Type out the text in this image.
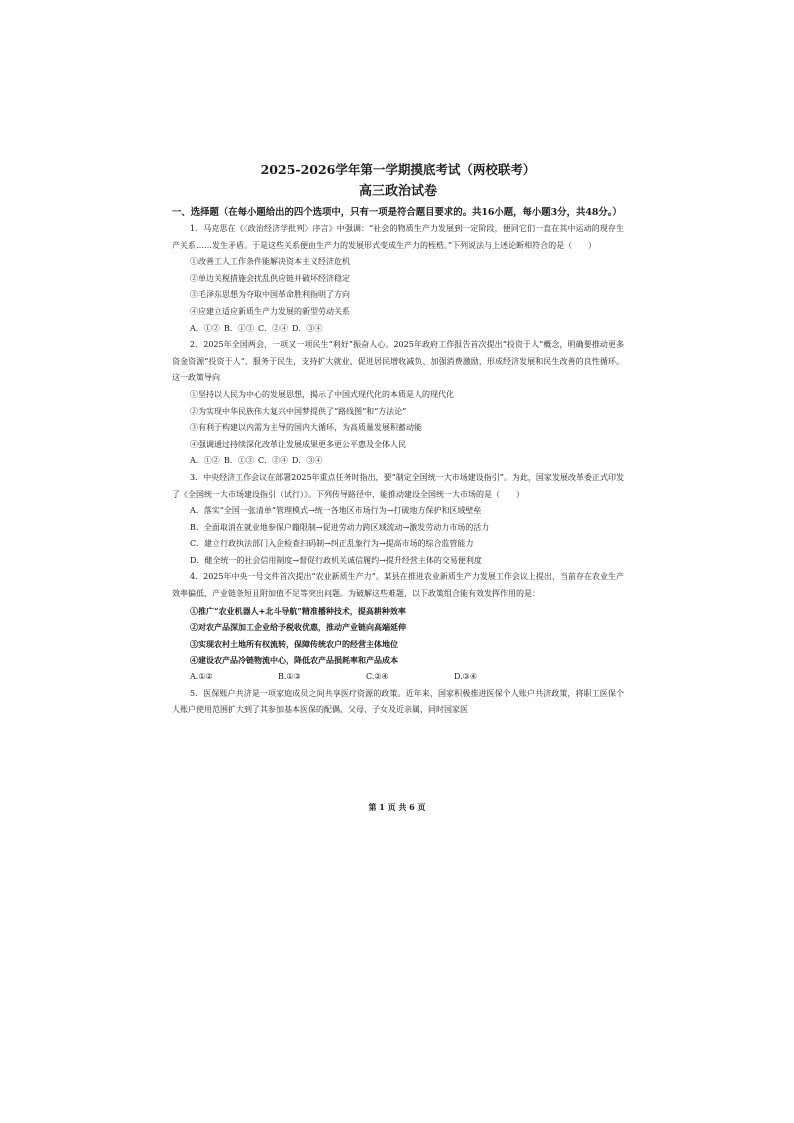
2025-2026学年第一学期摸底考试（两校联考）

高三政治试卷

一、选择题（在每小题给出的四个选项中，只有一项是符合题目要求的。共16小题，每小题3分，共48分。）

1．马克思在《〈政治经济学批判〉序言》中强调：“社会的物质生产力发展到一定阶段，便同它们一直在其中运动的现存生产关系……发生矛盾。于是这些关系便由生产力的发展形式变成生产力的桎梏。”下列说法与上述论断相符合的是（　　）

①改善工人工作条件能解决资本主义经济危机

②单边关税措施会扰乱供应链并破坏经济稳定

③毛泽东思想为夺取中国革命胜利指明了方向

④应建立适应新质生产力发展的新型劳动关系

A．①② B．①③ C．②④ D．③④

2．2025年全国两会，一项又一项民生“利好”振奋人心。2025年政府工作报告首次提出“投资于人”概念，明确要推动更多资金资源“投资于人”、服务于民生，支持扩大就业、促进居民增收减负、加强消费激励，形成经济发展和民生改善的良性循环。这一政策导向

①坚持以人民为中心的发展思想，揭示了中国式现代化的本质是人的现代化

②为实现中华民族伟大复兴中国梦提供了“路线图”和“方法论”

③有利于构建以内需为主导的国内大循环，为高质量发展积蓄动能

④强调通过持续深化改革让发展成果更多更公平惠及全体人民

A．①② B．①③ C．②④ D．③④

3．中央经济工作会议在部署2025年重点任务时指出，要“制定全国统一大市场建设指引”。为此，国家发展改革委正式印发了《全国统一大市场建设指引（试行）》。下列传导路径中，能推动建设全国统一大市场的是（　　）

A．落实“全国一张清单”管理模式→统一各地区市场行为→打破地方保护和区域壁垒

B．全面取消在就业地参保户籍限制→促进劳动力跨区域流动→激发劳动力市场的活力

C．建立行政执法部门入企检查扫码制→纠正乱象行为→提高市场的综合监管能力

D．健全统一的社会信用制度→督促行政机关诚信履约→提升经营主体的交易便利度

4．2025年中央一号文件首次提出“农业新质生产力”。某县在推进农业新质生产力发展工作会议上提出，当前存在农业生产效率偏低、产业链条短且附加值不足等突出问题。为破解这些难题，以下政策组合能有效发挥作用的是：

①推广“农业机器人+北斗导航”精准播种技术，提高耕种效率

②对农产品深加工企业给予税收优惠，推动产业链向高端延伸

③实现农村土地所有权流转，保障传统农户的经营主体地位

④建设农产品冷链物流中心，降低农产品损耗率和产品成本

A.①②	B.①③	C.②④	D.③④

5．医保账户共济是一项家庭成员之间共享医疗资源的政策。近年来，国家积极推进医保个人账户共济政策，将职工医保个人账户使用范围扩大到了其参加基本医保的配偶、父母、子女及近亲属，同时国家医

第 1 页 共 6 页
